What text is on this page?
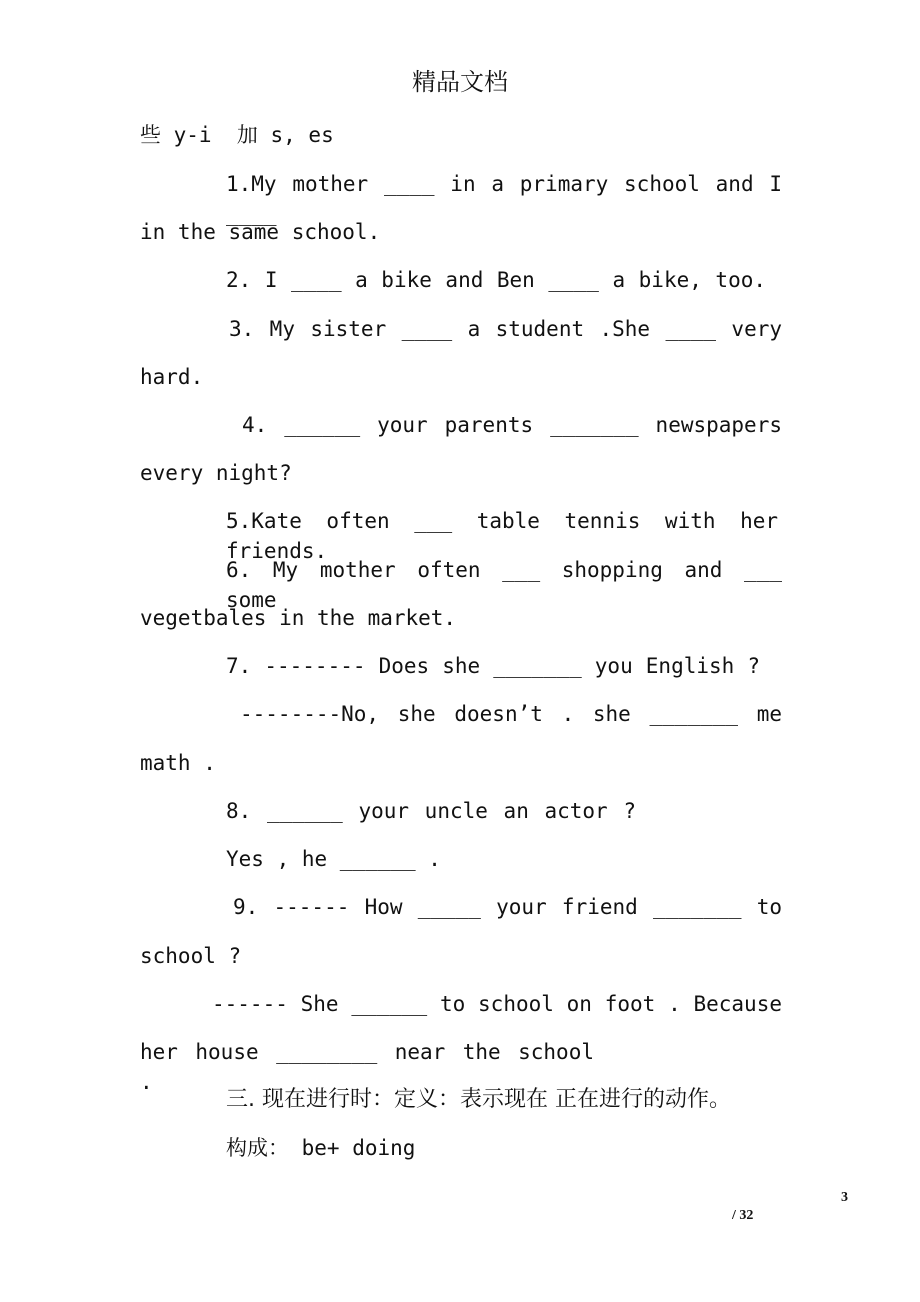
精品文档
些 y-i  加 s, es
1.My mother ____ in a primary school and I ____
in the same school.
2. I ____ a bike and Ben ____ a bike, too.
3. My sister ____ a student .She ____ very
hard.
4. ______ your parents _______ newspapers
every night?
5.Kate often ___ table tennis with her friends.
6. My mother often ___ shopping and ___ some
vegetbales in the market.
7. -------- Does she _______ you English ?
--------No, she doesn’t . she _______ me
math .
8. ______ your uncle an actor ?
Yes , he ______ .
9. ------ How _____ your friend _______ to
school ?
------ She ______ to school on foot . Because
her house ________ near the school .
三. 现在进行时：定义：表示现在 正在进行的动作。
构成： be+ doing
3
/ 32
